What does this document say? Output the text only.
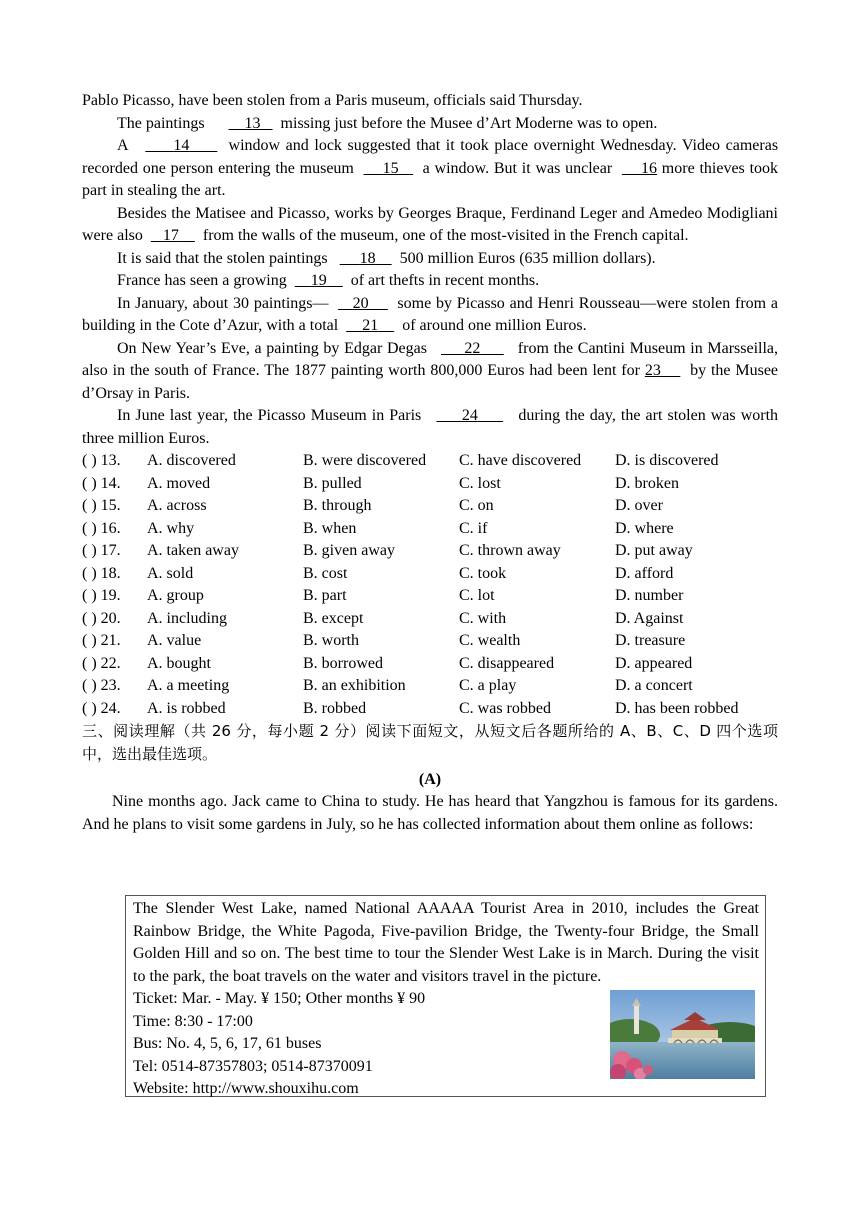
Pablo Picasso, have been stolen from a Paris museum, officials said Thursday.

The paintings	13 missing just before the Musee d’Art Moderne was to open.

A	14 window and lock suggested that it took place overnight Wednesday. Video cameras recorded one person entering the museum 15 a window. But it was unclear 16 more thieves took part in stealing the art.

Besides the Matisee and Picasso, works by Georges Braque, Ferdinand Leger and Amedeo Modigliani were also 17 from the walls of the museum, one of the most-visited in the French capital.

It is said that the stolen paintings 18 500 million Euros (635 million dollars).

France has seen a growing 19 of art thefts in recent months.

In January, about 30 paintings— 20 some by Picasso and Henri Rousseau—were stolen from a building in the Cote d’Azur, with a total 21 of around one million Euros.

On New Year’s Eve, a painting by Edgar Degas 22 from the Cantini Museum in Marsseilla, also in the south of France. The 1877 painting worth 800,000 Euros had been lent for 23 by the Musee d’Orsay in Paris.

In June last year, the Picasso Museum in Paris	24	during the day, the art stolen was worth three million Euros.

( ) 13.	A. discovered	B. were discovered	C. have discovered	D. is discovered
( ) 14.	A. moved	B. pulled	C. lost	D. broken
( ) 15.	A. across	B. through	C. on	D. over
( ) 16.	A. why	B. when	C. if	D. where
( ) 17.	A. taken away	B. given away	C. thrown away	D. put away
( ) 18.	A. sold	B. cost	C. took	D. afford
( ) 19.	A. group	B. part	C. lot	D. number
( ) 20.	A. including	B. except	C. with	D. Against
( ) 21.	A. value	B. worth	C. wealth	D. treasure
( ) 22.	A. bought	B. borrowed	C. disappeared	D. appeared
( ) 23.	A. a meeting	B. an exhibition	C. a play	D. a concert
( ) 24.	A. is robbed	B. robbed	C. was robbed	D. has been robbed

三、阅读理解（共 26 分，每小题 2 分）阅读下面短文，从短文后各题所给的 A、B、C、D 四个选项中，选出最佳选项。

(A)

Nine months ago. Jack came to China to study. He has heard that Yangzhou is famous for its gardens. And he plans to visit some gardens in July, so he has collected information about them online as follows:

The Slender West Lake, named National AAAAA Tourist Area in 2010, includes the Great Rainbow Bridge, the White Pagoda, Five-pavilion Bridge, the Twenty-four Bridge, the Small Golden Hill and so on. The best time to tour the Slender West Lake is in March. During the visit to the park, the boat travels on the water and visitors travel in the picture.

Ticket: Mar. - May. ¥ 150; Other months ¥ 90

Time: 8:30 - 17:00

Bus: No. 4, 5, 6, 17, 61 buses

Tel: 0514-87357803; 0514-87370091

Website: http://www.shouxihu.com
